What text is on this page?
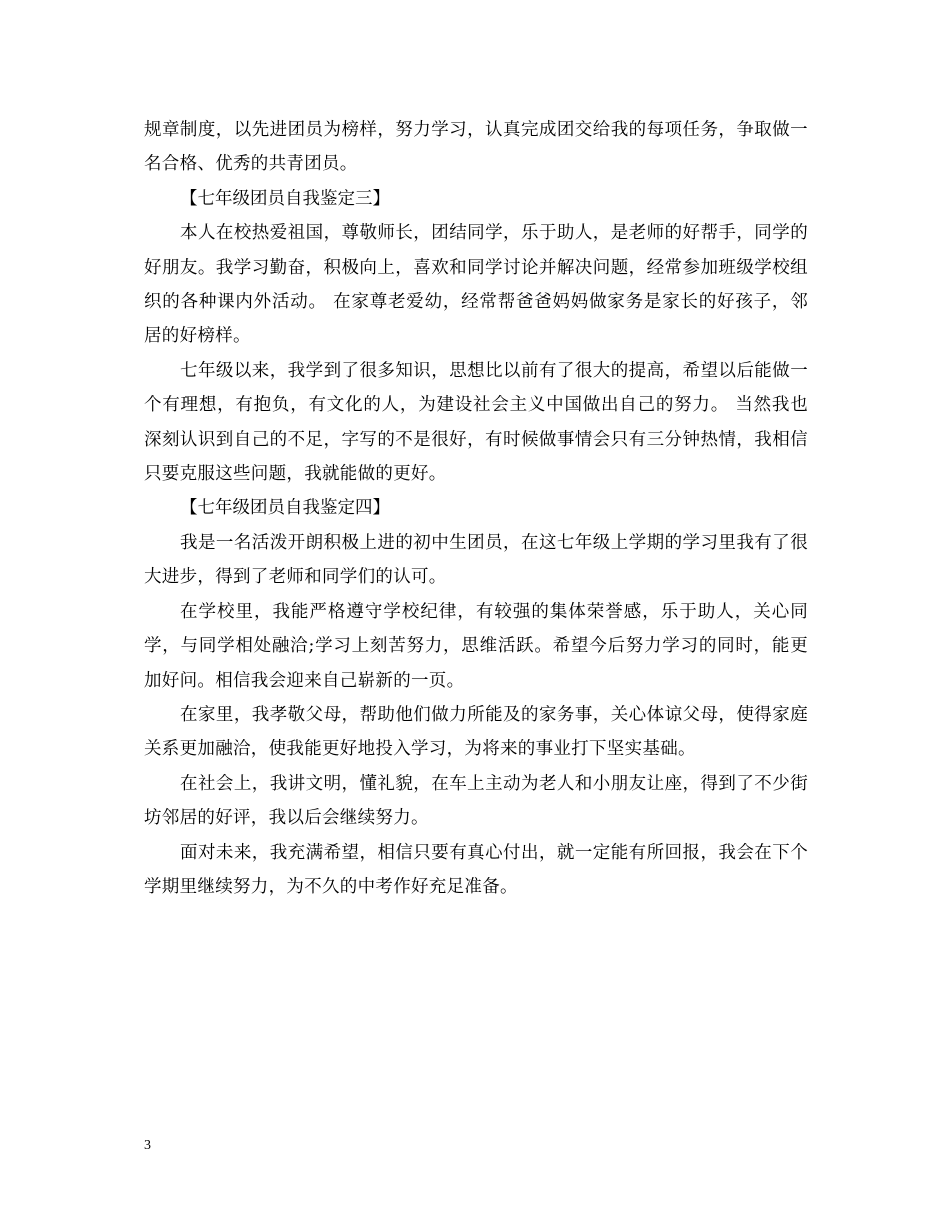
规章制度，以先进团员为榜样，努力学习，认真完成团交给我的每项任务，争取做一名合格、优秀的共青团员。

【七年级团员自我鉴定三】

本人在校热爱祖国，尊敬师长，团结同学，乐于助人，是老师的好帮手，同学的好朋友。我学习勤奋，积极向上，喜欢和同学讨论并解决问题，经常参加班级学校组织的各种课内外活动。 在家尊老爱幼，经常帮爸爸妈妈做家务是家长的好孩子，邻居的好榜样。

七年级以来，我学到了很多知识，思想比以前有了很大的提高，希望以后能做一个有理想，有抱负，有文化的人，为建设社会主义中国做出自己的努力。 当然我也深刻认识到自己的不足，字写的不是很好，有时候做事情会只有三分钟热情，我相信只要克服这些问题，我就能做的更好。

【七年级团员自我鉴定四】

我是一名活泼开朗积极上进的初中生团员，在这七年级上学期的学习里我有了很大进步，得到了老师和同学们的认可。

在学校里，我能严格遵守学校纪律，有较强的集体荣誉感，乐于助人，关心同学，与同学相处融洽;学习上刻苦努力，思维活跃。希望今后努力学习的同时，能更加好问。相信我会迎来自己崭新的一页。

在家里，我孝敬父母，帮助他们做力所能及的家务事，关心体谅父母，使得家庭关系更加融洽，使我能更好地投入学习，为将来的事业打下坚实基础。

在社会上，我讲文明，懂礼貌，在车上主动为老人和小朋友让座，得到了不少街坊邻居的好评，我以后会继续努力。

面对未来，我充满希望，相信只要有真心付出，就一定能有所回报，我会在下个学期里继续努力，为不久的中考作好充足准备。

3
